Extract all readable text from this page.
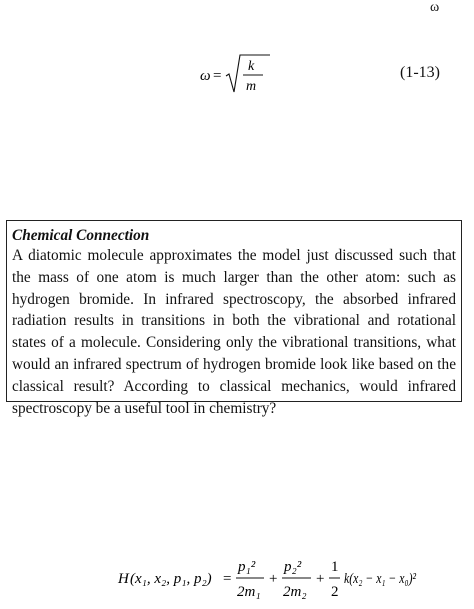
ω
ω =
k
m
(1-13)

Chemical Connection

A diatomic molecule approximates the model just discussed such that the mass of one atom is much larger than the other atom: such as hydrogen bromide. In infrared spectroscopy, the absorbed infrared radiation results in transitions in both the vibrational and rotational states of a molecule. Considering only the vibrational transitions, what would an infrared spectrum of hydrogen bromide look like based on the classical result? According to classical mechanics, would infrared spectroscopy be a useful tool in chemistry?

H (x₁, x₂, p₁, p₂) =
p₁²
2m₁
+
p₂²
2m₂
+
1
2
k(x₂ − x₁ − x₀)²
